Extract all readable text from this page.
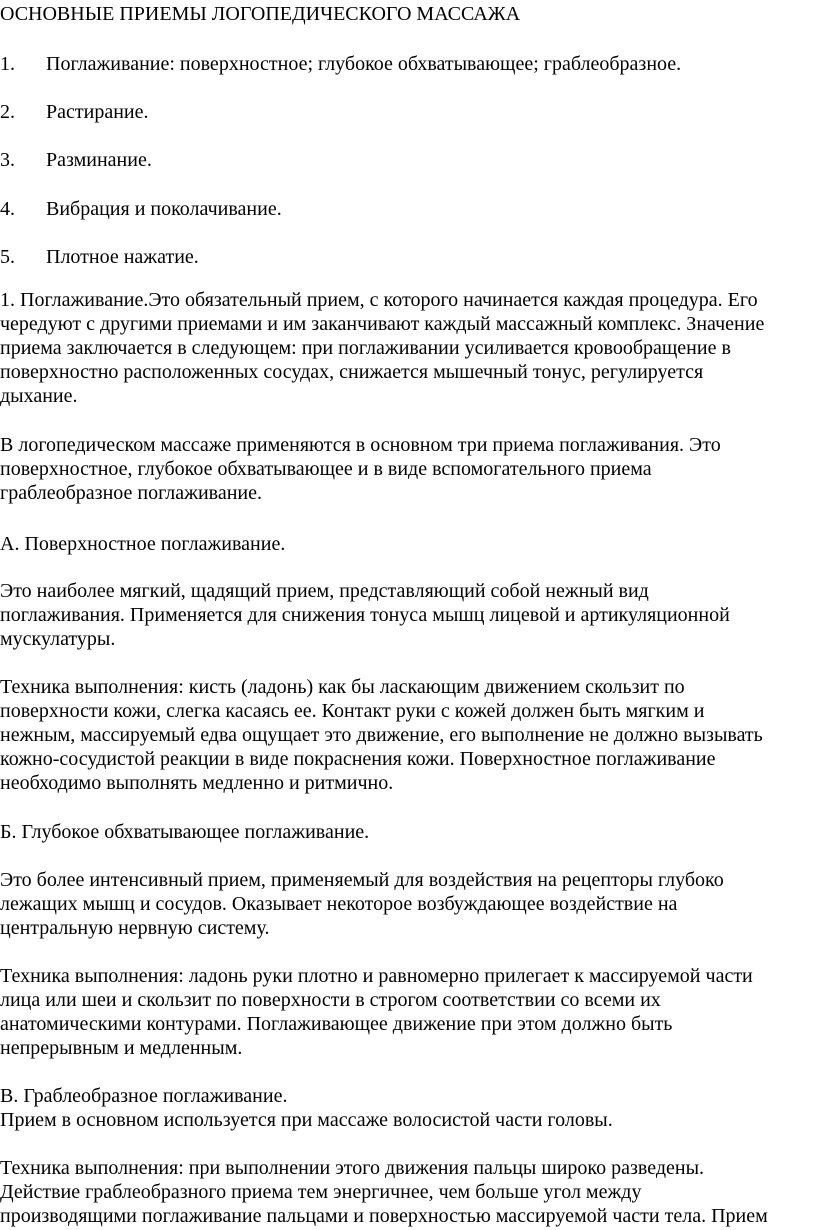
ОСНОВНЫЕ ПРИЕМЫ ЛОГОПЕДИЧЕСКОГО МАССАЖА
1. Поглаживание: поверхностное; глубокое обхватывающее; граблеобразное.
2. Растирание.
3. Разминание.
4. Вибрация и поколачивание.
5. Плотное нажатие.
1. Поглаживание.Это обязательный прием, с которого начинается каждая процедура. Его
чередуют с другими приемами и им заканчивают каждый массажный комплекс. Значение
приема заключается в следующем: при поглаживании усиливается кровообращение в
поверхностно расположенных сосудах, снижается мышечный тонус, регулируется
дыхание.
В логопедическом массаже применяются в основном три приема поглаживания. Это
поверхностное, глубокое обхватывающее и в виде вспомогательного приема
граблеобразное поглаживание.
А. Поверхностное поглаживание.
Это наиболее мягкий, щадящий прием, представляющий собой нежный вид
поглаживания. Применяется для снижения тонуса мышц лицевой и артикуляционной
мускулатуры.
Техника выполнения: кисть (ладонь) как бы ласкающим движением скользит по
поверхности кожи, слегка касаясь ее. Контакт руки с кожей должен быть мягким и
нежным, массируемый едва ощущает это движение, его выполнение не должно вызывать
кожно-сосудистой реакции в виде покраснения кожи. Поверхностное поглаживание
необходимо выполнять медленно и ритмично.
Б. Глубокое обхватывающее поглаживание.
Это более интенсивный прием, применяемый для воздействия на рецепторы глубоко
лежащих мышц и сосудов. Оказывает некоторое возбуждающее воздействие на
центральную нервную систему.
Техника выполнения: ладонь руки плотно и равномерно прилегает к массируемой части
лица или шеи и скользит по поверхности в строгом соответствии со всеми их
анатомическими контурами. Поглаживающее движение при этом должно быть
непрерывным и медленным.
В. Граблеобразное поглаживание.
Прием в основном используется при массаже волосистой части головы.
Техника выполнения: при выполнении этого движения пальцы широко разведены.
Действие граблеобразного приема тем энергичнее, чем больше угол между
производящими поглаживание пальцами и поверхностью массируемой части тела. Прием
